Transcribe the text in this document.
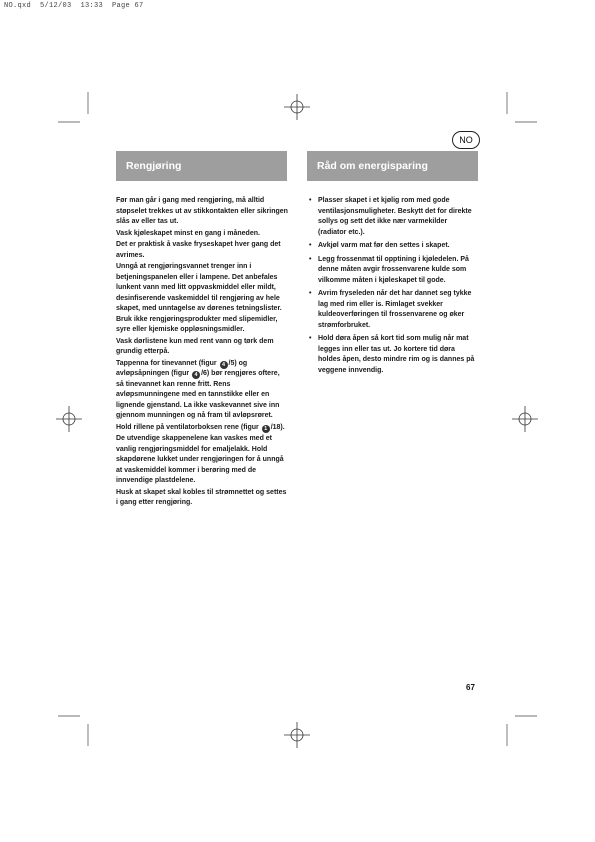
NO.qxd  5/12/03  13:33  Page 67
NO
Rengjøring	Råd om energisparing

Før man går i gang med rengjøring, må alltid støpselet trekkes ut av stikkontakten eller sikringen slås av eller tas ut.

Vask kjøleskapet minst en gang i måneden.

Det er praktisk å vaske fryseskapet hver gang det avrimes.

Unngå at rengjøringsvannet trenger inn i betjeningspanelen eller i lampene. Det anbefales lunkent vann med litt oppvaskmiddel eller mildt, desinfiserende vaskemiddel til rengjøring av hele skapet, med unntagelse av dørenes tetningslister. Bruk ikke rengjøringsprodukter med slipemidler, syre eller kjemiske oppløsningsmidler.

Vask dørlistene kun med rent vann og tørk dem grundig etterpå.

Tappenna for tinevannet (figur 4 /5) og avløpsåpningen (figur 4 /6) bør rengjøres oftere, så tinevannet kan renne fritt. Rens avløpsmunningene med en tannstikke eller en lignende gjenstand. La ikke vaskevannet sive inn gjennom munningen og nå fram til avløpsrøret.

Hold rillene på ventilatorboksen rene (figur 1 /18).

De utvendige skappenelene kan vaskes med et vanlig rengjøringsmiddel for emaljelakk. Hold skapdørene lukket under rengjøringen for å unngå at vaskemiddel kommer i berøring med de innvendige plastdelene.

Husk at skapet skal kobles til strømnettet og settes i gang etter rengjøring.

• Plasser skapet i et kjølig rom med gode ventilasjonsmuligheter. Beskytt det for direkte sollys og sett det ikke nær varmekilder (radiator etc.).
• Avkjøl varm mat før den settes i skapet.
• Legg frossenmat til opptining i kjøledelen. På denne måten avgir frossenvarene kulde som vilkomme måten i kjøleskapet til gode.
• Avrim fryseleden når det har dannet seg tykke lag med rim eller is. Rimlaget svekker kuldeoverføringen til frossenvarene og øker strømforbruket.
• Hold døra åpen så kort tid som mulig når mat legges inn eller tas ut. Jo kortere tid døra holdes åpen, desto mindre rim og is dannes på veggene innvendig.
67
